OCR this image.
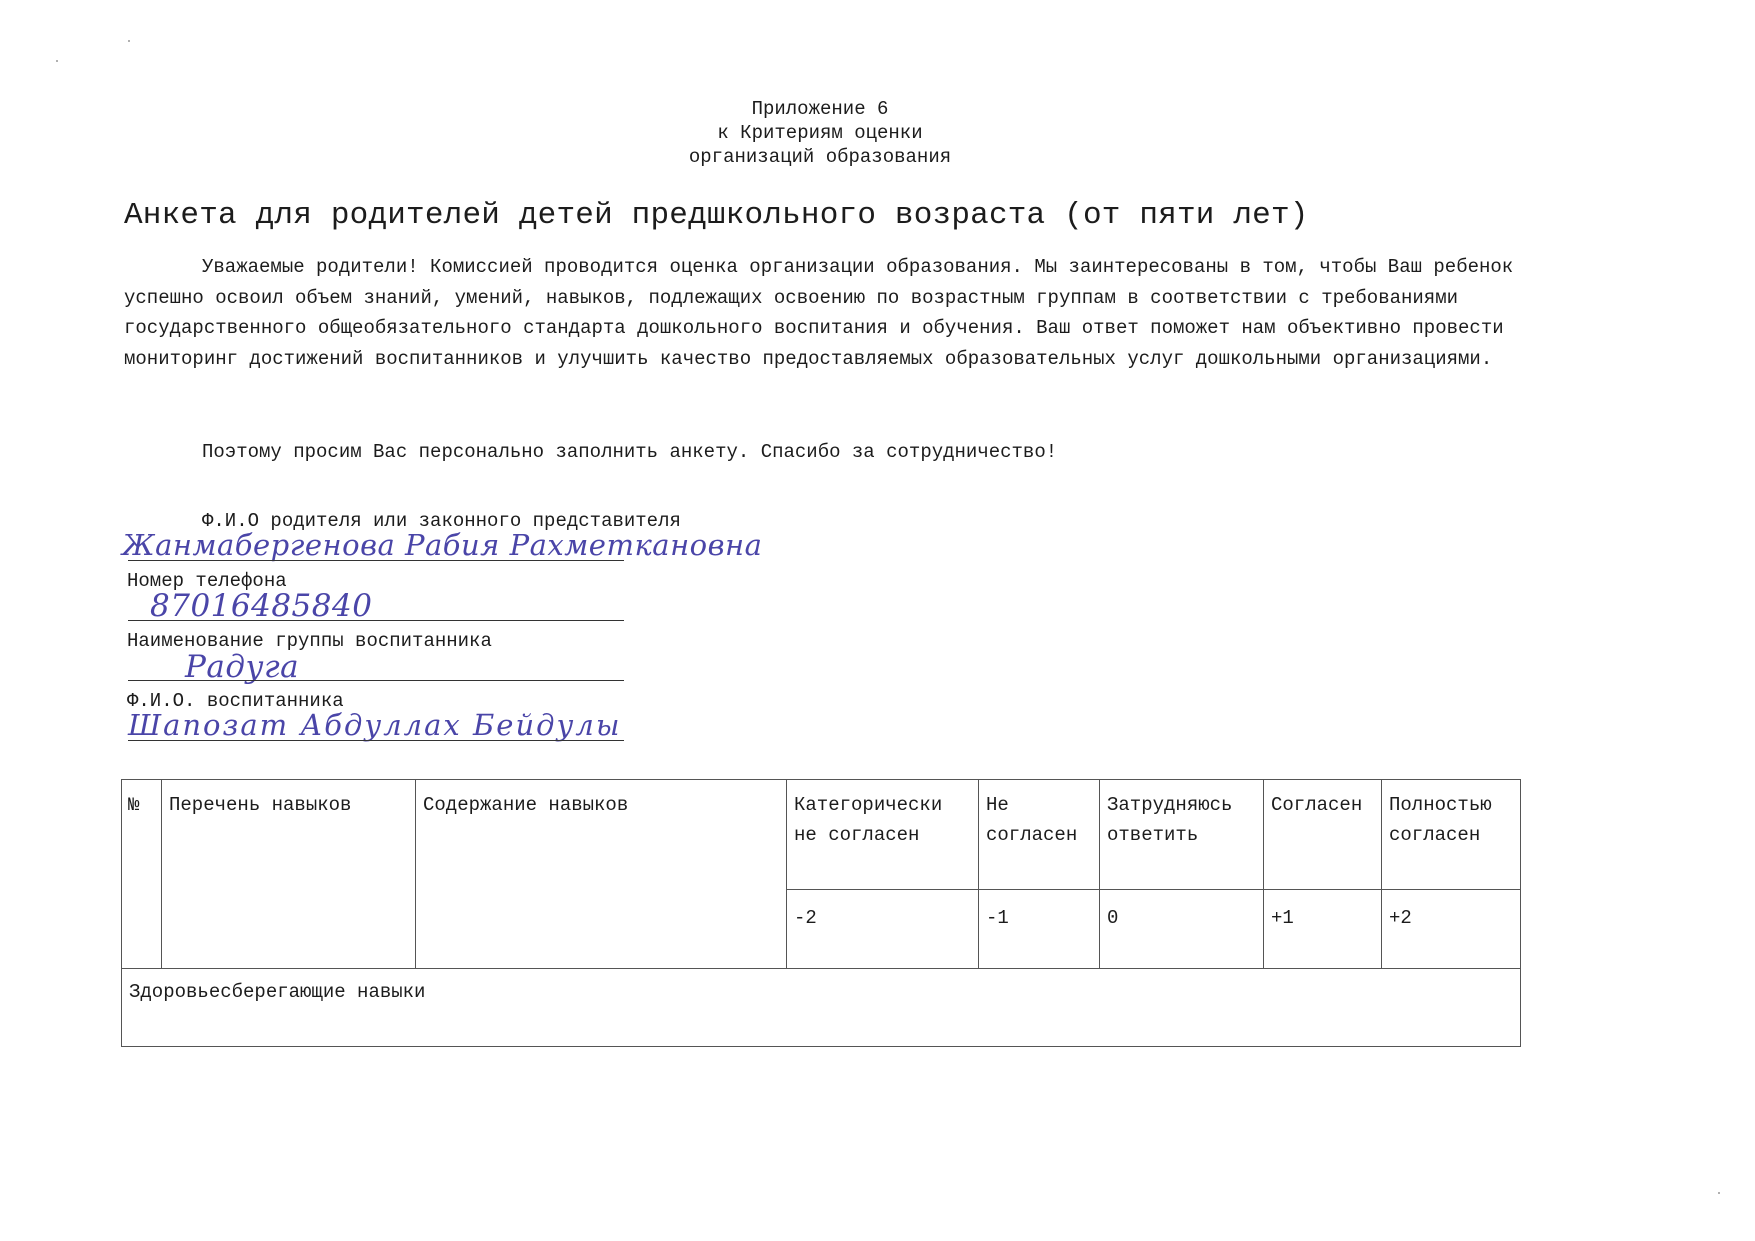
Приложение 6
к Критериям оценки
организаций образования
Анкета для родителей детей предшкольного возраста (от пяти лет)

Уважаемые родители! Комиссией проводится оценка организации образования. Мы заинтересованы в том, чтобы Ваш ребенок успешно освоил объем знаний, умений, навыков, подлежащих освоению по возрастным группам в соответствии с требованиями государственного общеобязательного стандарта дошкольного воспитания и обучения. Ваш ответ поможет нам объективно провести мониторинг достижений воспитанников и улучшить качество предоставляемых образовательных услуг дошкольными организациями.

Поэтому просим Вас персонально заполнить анкету. Спасибо за сотрудничество!

Ф.И.О родителя или законного представителя
Жанмабергенова Рабия Рахметкановна
Номер телефона
87016485840
Наименование группы воспитанника
Радуга
Ф.И.О. воспитанника
Шапозат Абдуллах Бейдулы
№	Перечень навыков	Содержание навыков	Категорически не согласен	Не согласен	Затрудняюсь ответить	Согласен	Полностью согласен
			-2	-1	0	+1	+2
Здоровьесберегающие навыки							
